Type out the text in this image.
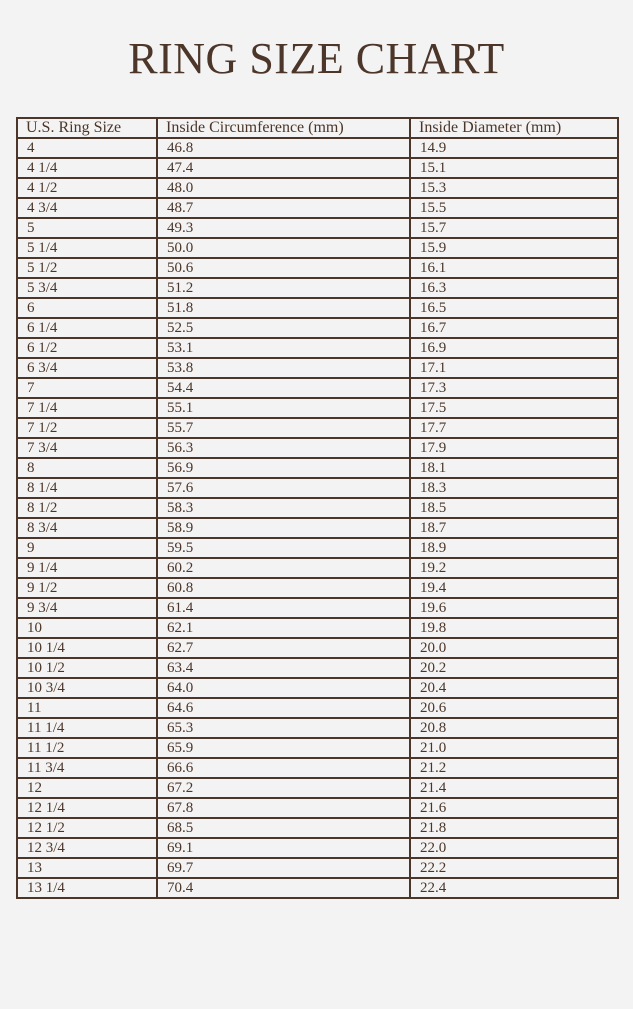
RING SIZE CHART
U.S. Ring Size	Inside Circumference (mm)	Inside Diameter (mm)
4	46.8	14.9
4 1/4	47.4	15.1
4 1/2	48.0	15.3
4 3/4	48.7	15.5
5	49.3	15.7
5 1/4	50.0	15.9
5 1/2	50.6	16.1
5 3/4	51.2	16.3
6	51.8	16.5
6 1/4	52.5	16.7
6 1/2	53.1	16.9
6 3/4	53.8	17.1
7	54.4	17.3
7 1/4	55.1	17.5
7 1/2	55.7	17.7
7 3/4	56.3	17.9
8	56.9	18.1
8 1/4	57.6	18.3
8 1/2	58.3	18.5
8 3/4	58.9	18.7
9	59.5	18.9
9 1/4	60.2	19.2
9 1/2	60.8	19.4
9 3/4	61.4	19.6
10	62.1	19.8
10 1/4	62.7	20.0
10 1/2	63.4	20.2
10 3/4	64.0	20.4
11	64.6	20.6
11 1/4	65.3	20.8
11 1/2	65.9	21.0
11 3/4	66.6	21.2
12	67.2	21.4
12 1/4	67.8	21.6
12 1/2	68.5	21.8
12 3/4	69.1	22.0
13	69.7	22.2
13 1/4	70.4	22.4
